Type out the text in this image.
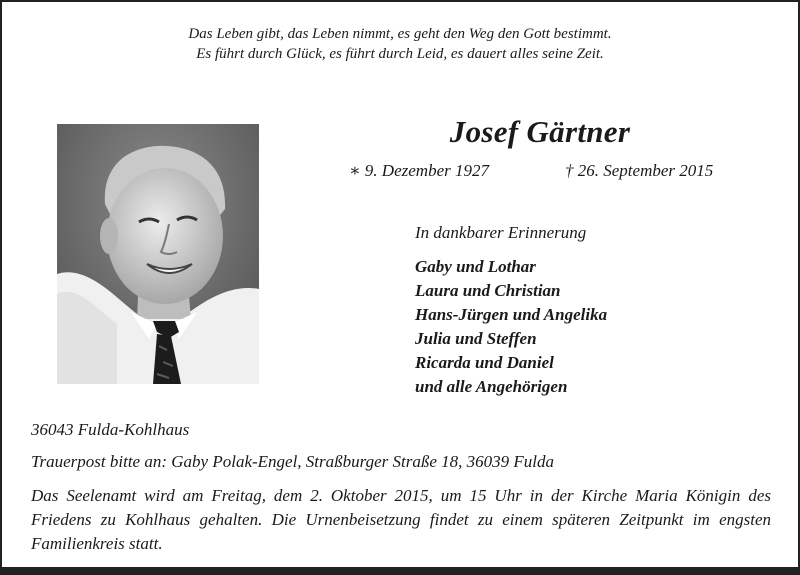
Das Leben gibt, das Leben nimmt, es geht den Weg den Gott bestimmt.
Es führt durch Glück, es führt durch Leid, es dauert alles seine Zeit.
Josef Gärtner
∗ 9. Dezember 1927	† 26. September 2015
In dankbarer Erinnerung
Gaby und Lothar
Laura und Christian
Hans-Jürgen und Angelika
Julia und Steffen
Ricarda und Daniel
und alle Angehörigen
36043 Fulda-Kohlhaus
Trauerpost bitte an: Gaby Polak-Engel, Straßburger Straße 18, 36039 Fulda

Das Seelenamt wird am Freitag, dem 2. Oktober 2015, um 15 Uhr in der Kirche Maria Königin des Friedens zu Kohlhaus gehalten. Die Urnenbeisetzung findet zu einem späteren Zeitpunkt im engsten Familienkreis statt.
